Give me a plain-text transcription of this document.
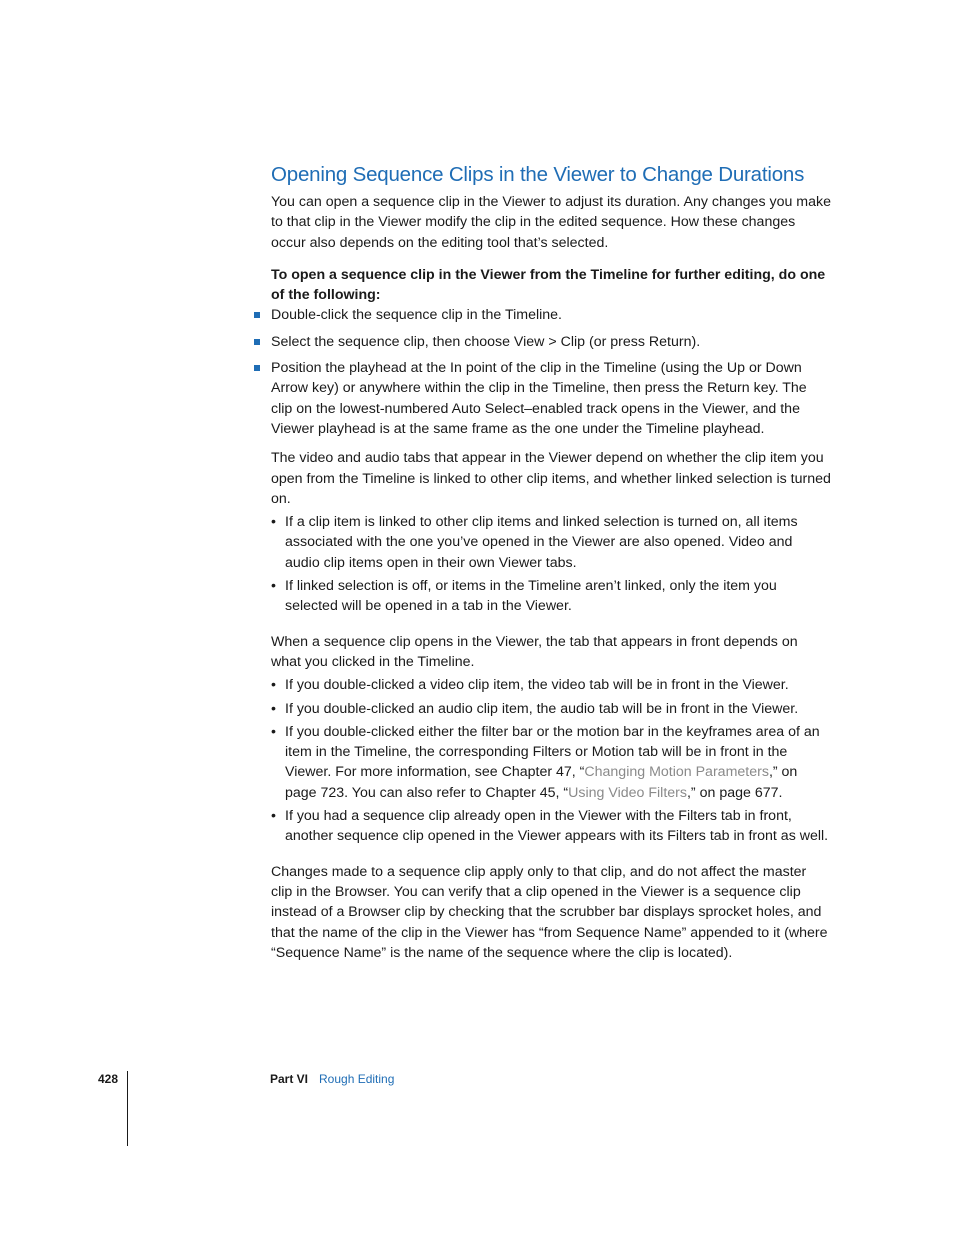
Opening Sequence Clips in the Viewer to Change Durations

You can open a sequence clip in the Viewer to adjust its duration. Any changes you make to that clip in the Viewer modify the clip in the edited sequence. How these changes occur also depends on the editing tool that’s selected.

To open a sequence clip in the Viewer from the Timeline for further editing, do one of the following:

Double-click the sequence clip in the Timeline.
Select the sequence clip, then choose View > Clip (or press Return).
Position the playhead at the In point of the clip in the Timeline (using the Up or Down Arrow key) or anywhere within the clip in the Timeline, then press the Return key. The clip on the lowest-numbered Auto Select–enabled track opens in the Viewer, and the Viewer playhead is at the same frame as the one under the Timeline playhead.

The video and audio tabs that appear in the Viewer depend on whether the clip item you open from the Timeline is linked to other clip items, and whether linked selection is turned on.

• If a clip item is linked to other clip items and linked selection is turned on, all items associated with the one you’ve opened in the Viewer are also opened. Video and audio clip items open in their own Viewer tabs.
• If linked selection is off, or items in the Timeline aren’t linked, only the item you selected will be opened in a tab in the Viewer.

When a sequence clip opens in the Viewer, the tab that appears in front depends on what you clicked in the Timeline.

• If you double-clicked a video clip item, the video tab will be in front in the Viewer.
• If you double-clicked an audio clip item, the audio tab will be in front in the Viewer.
• If you double-clicked either the filter bar or the motion bar in the keyframes area of an item in the Timeline, the corresponding Filters or Motion tab will be in front in the Viewer. For more information, see Chapter 47, “Changing Motion Parameters,” on page 723. You can also refer to Chapter 45, “Using Video Filters,” on page 677.
• If you had a sequence clip already open in the Viewer with the Filters tab in front, another sequence clip opened in the Viewer appears with its Filters tab in front as well.

Changes made to a sequence clip apply only to that clip, and do not affect the master clip in the Browser. You can verify that a clip opened in the Viewer is a sequence clip instead of a Browser clip by checking that the scrubber bar displays sprocket holes, and that the name of the clip in the Viewer has “from Sequence Name” appended to it (where “Sequence Name” is the name of the sequence where the clip is located).

428	Part VI Rough Editing
